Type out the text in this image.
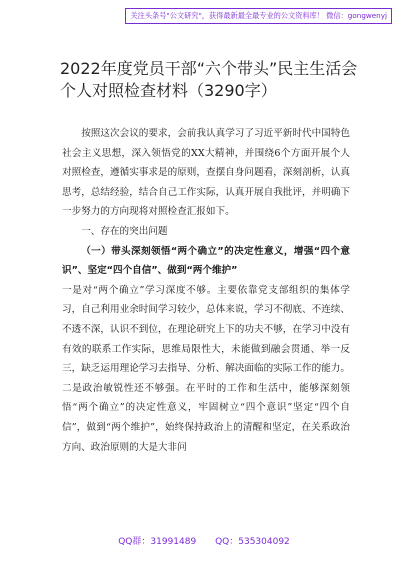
关注头条号"公文研究"，获得最新最全最专业的公文资料库！ 微信：gongwenyj
2022年度党员干部“六个带头”民主生活会个人对照检查材料（3290字）

按照这次会议的要求，会前我认真学习了习近平新时代中国特色社会主义思想，深入领悟党的XX大精神，并围绕6个方面开展个人对照检查，遵循实事求是的原则，查摆自身问题看，深刻剖析，认真思考，总结经验，结合自己工作实际，认真开展自我批评，并明确下一步努力的方向现将对照检查汇报如下。

一、存在的突出问题

（一）带头深刻领悟“两个确立”的决定性意义，增强“四个意识”、坚定“四个自信”、做到“两个维护”

一是对“两个确立”学习深度不够。主要依靠党支部组织的集体学习，自己利用业余时间学习较少，总体来说，学习不彻底、不连续、不透不深，认识不到位，在理论研究上下的功夫不够，在学习中没有有效的联系工作实际，思维局限性大，未能做到融会贯通、举一反三，缺乏运用理论学习去指导、分析、解决面临的实际工作的能力。二是政治敏锐性还不够强。在平时的工作和生活中，能够深刻领悟“两个确立”的决定性意义，牢固树立“四个意识”坚定“四个自信”，做到“两个维护”，始终保持政治上的清醒和坚定，在关系政治方向、政治原则的大是大非问

QQ群：31991489 QQ：535304092
